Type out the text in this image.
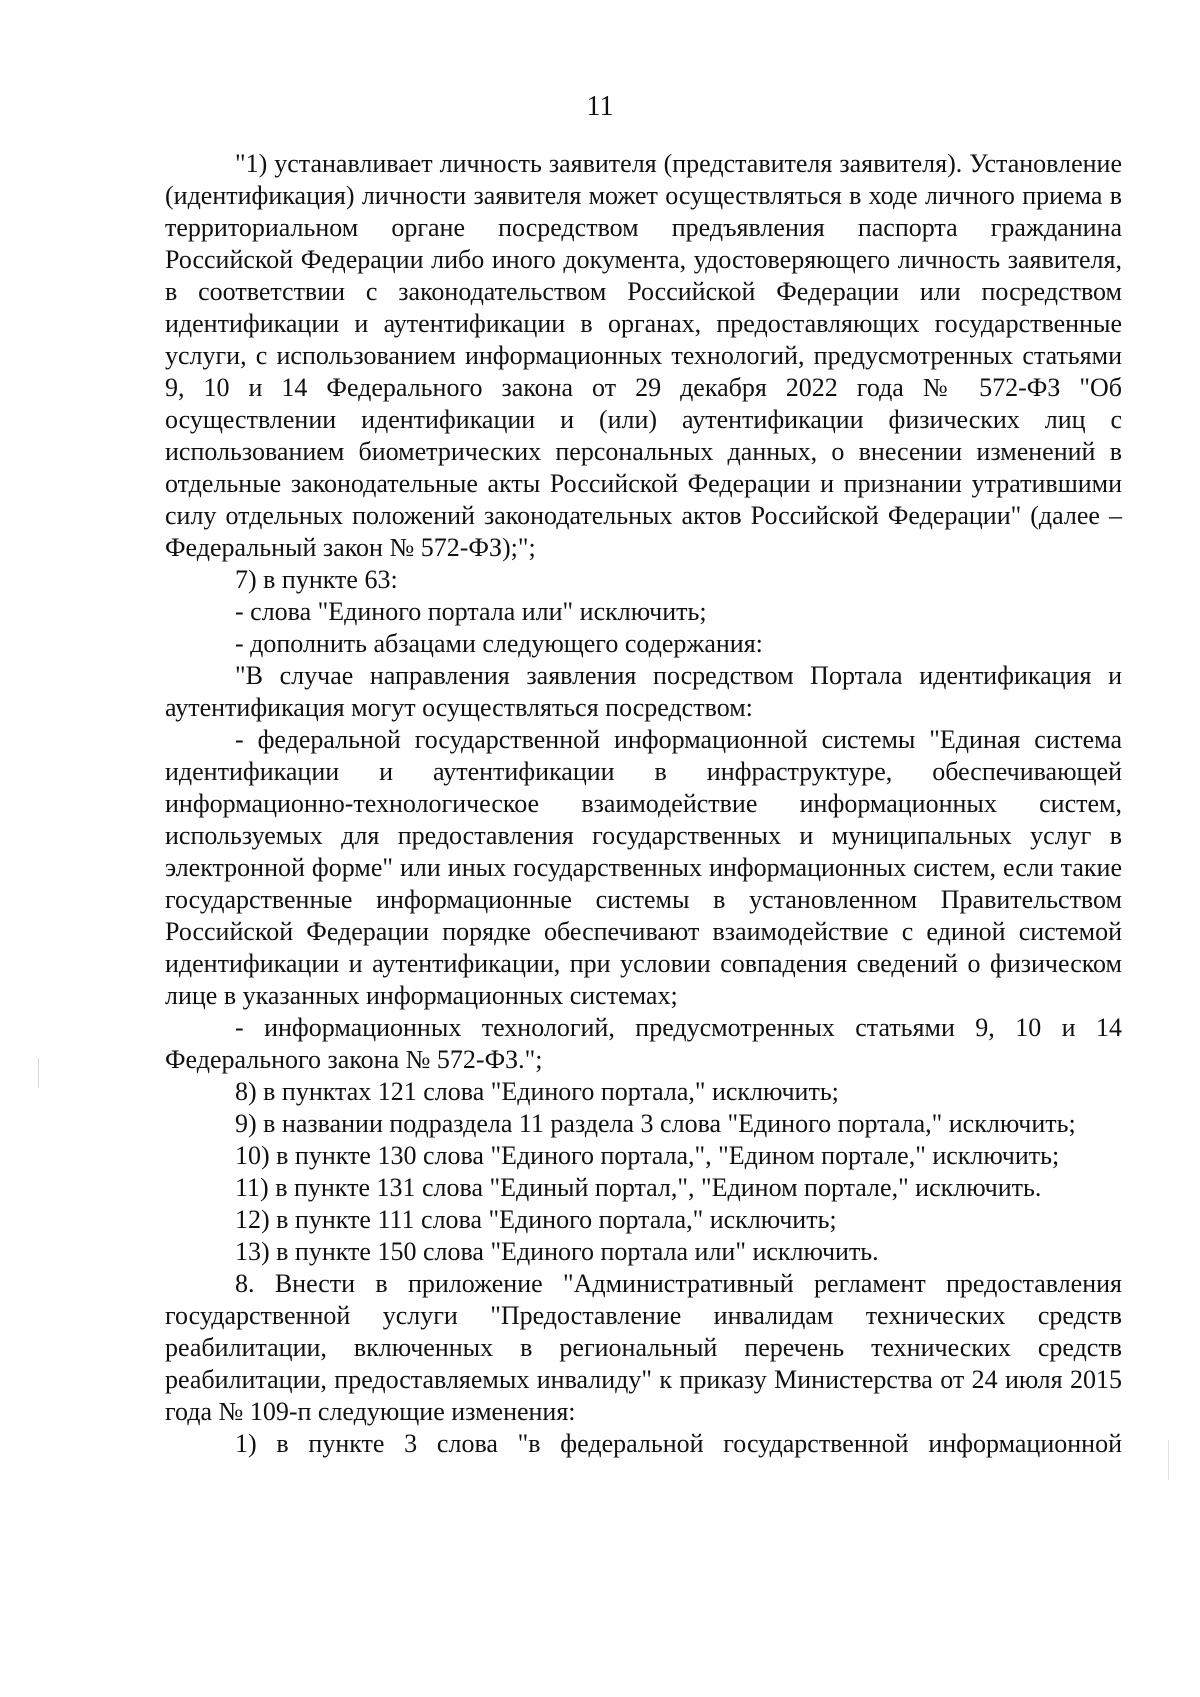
11

"1) устанавливает личность заявителя (представителя заявителя). Установление (идентификация) личности заявителя может осуществляться в ходе личного приема в территориальном органе посредством предъявления паспорта гражданина Российской Федерации либо иного документа, удостоверяющего личность заявителя, в соответствии с законодательством Российской Федерации или посредством идентификации и аутентификации в органах, предоставляющих государственные услуги, с использованием информационных технологий, предусмотренных статьями 9, 10 и 14 Федерального закона от 29 декабря 2022 года № 572-ФЗ "Об осуществлении идентификации и (или) аутентификации физических лиц с использованием биометрических персональных данных, о внесении изменений в отдельные законодательные акты Российской Федерации и признании утратившими силу отдельных положений законодательных актов Российской Федерации" (далее – Федеральный закон № 572-ФЗ);";

7) в пункте 63:

- слова "Единого портала или" исключить;

- дополнить абзацами следующего содержания:

"В случае направления заявления посредством Портала идентификация и аутентификация могут осуществляться посредством:

- федеральной государственной информационной системы "Единая система идентификации и аутентификации в инфраструктуре, обеспечивающей информационно-технологическое взаимодействие информационных систем, используемых для предоставления государственных и муниципальных услуг в электронной форме" или иных государственных информационных систем, если такие государственные информационные системы в установленном Правительством Российской Федерации порядке обеспечивают взаимодействие с единой системой идентификации и аутентификации, при условии совпадения сведений о физическом лице в указанных информационных системах;

- информационных технологий, предусмотренных статьями 9, 10 и 14 Федерального закона № 572-ФЗ.";

8) в пунктах 121 слова "Единого портала," исключить;

9) в названии подраздела 11 раздела 3 слова "Единого портала," исключить;

10) в пункте 130 слова "Единого портала,", "Едином портале," исключить;

11) в пункте 131 слова "Единый портал,", "Едином портале," исключить.

12) в пункте 111 слова "Единого портала," исключить;

13) в пункте 150 слова "Единого портала или" исключить.

8. Внести в приложение "Административный регламент предоставления государственной услуги "Предоставление инвалидам технических средств реабилитации, включенных в региональный перечень технических средств реабилитации, предоставляемых инвалиду" к приказу Министерства от 24 июля 2015 года № 109-п следующие изменения:

1) в пункте 3 слова "в федеральной государственной информационной
